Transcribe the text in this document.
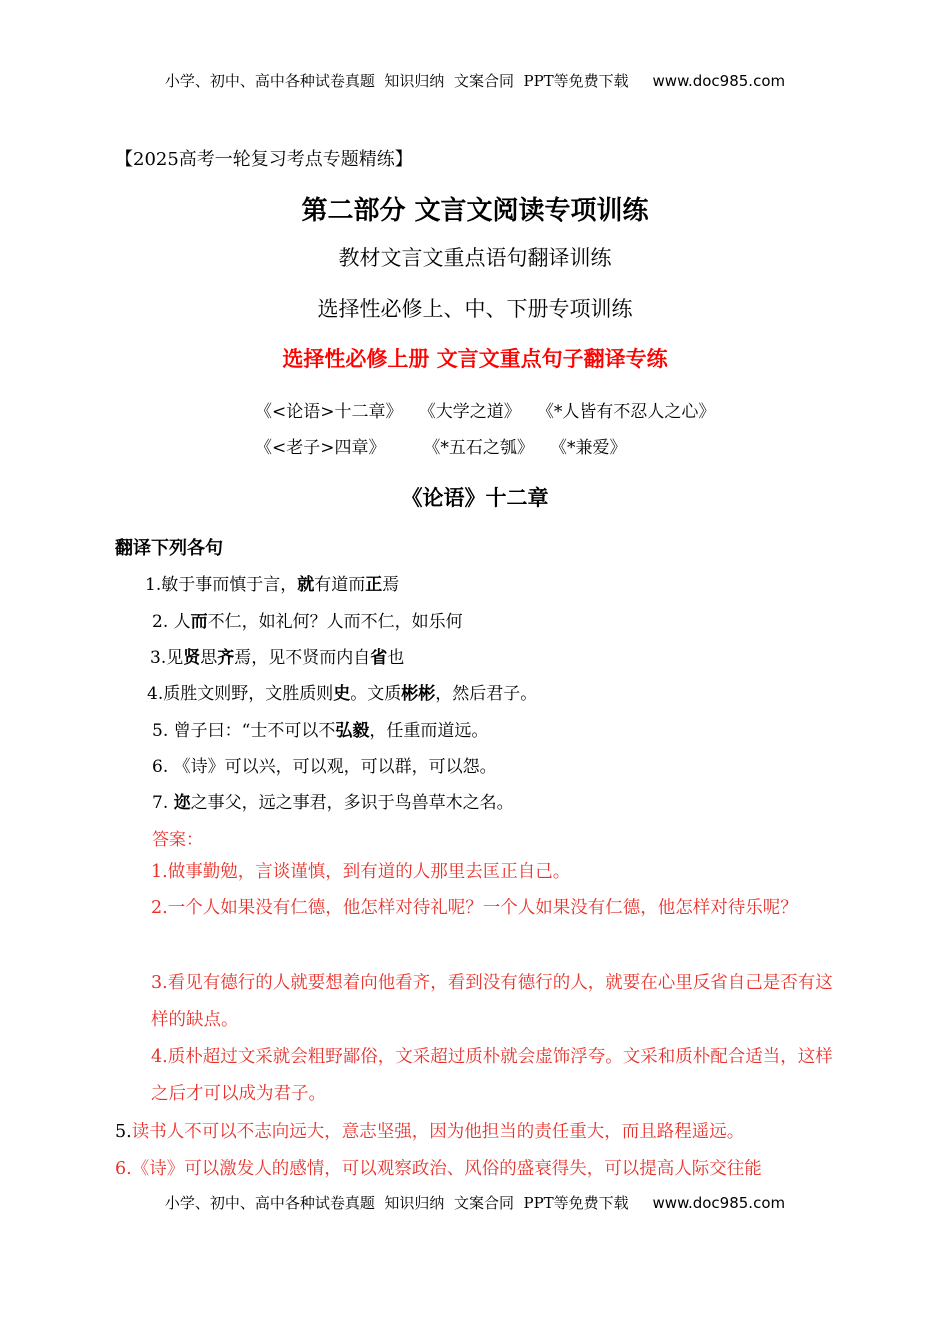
小学、初中、高中各种试卷真题  知识归纳  文案合同  PPT等免费下载 www.doc985.com
【2025高考一轮复习考点专题精练】
第二部分 文言文阅读专项训练
教材文言文重点语句翻译训练
选择性必修上、中、下册专项训练
选择性必修上册 文言文重点句子翻译专练
《<论语>十二章》 《大学之道》 《*人皆有不忍人之心》
《<老子>四章》 《*五石之瓠》 《*兼爱》
《论语》十二章
翻译下列各句
1.敏于事而慎于言，就有道而正焉
2. 人而不仁，如礼何？人而不仁，如乐何
3.见贤思齐焉，见不贤而内自省也
4.质胜文则野，文胜质则史。文质彬彬，然后君子。
5. 曾子曰：“士不可以不弘毅，任重而道远。
6. 《诗》可以兴，可以观，可以群，可以怨。
7. 迩之事父，远之事君，多识于鸟兽草木之名。
答案：
1.做事勤勉，言谈谨慎，到有道的人那里去匡正自己。
2.一个人如果没有仁德，他怎样对待礼呢？一个人如果没有仁德，他怎样对待乐呢？
3.看见有德行的人就要想着向他看齐，看到没有德行的人，就要在心里反省自己是否有这样的缺点。
4.质朴超过文采就会粗野鄙俗，文采超过质朴就会虚饰浮夸。文采和质朴配合适当，这样之后才可以成为君子。
5.读书人不可以不志向远大，意志坚强，因为他担当的责任重大，而且路程遥远。
6.《诗》可以激发人的感情，可以观察政治、风俗的盛衰得失，可以提高人际交往能
小学、初中、高中各种试卷真题  知识归纳  文案合同  PPT等免费下载 www.doc985.com
